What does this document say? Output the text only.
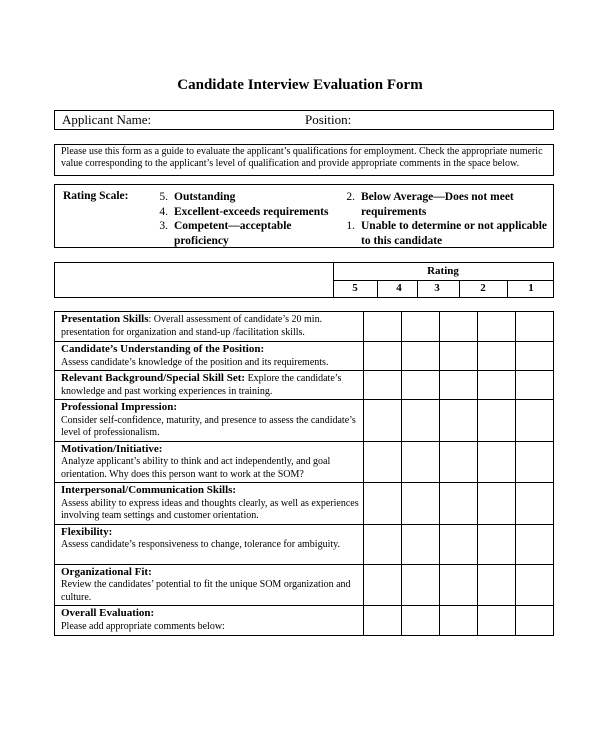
Candidate Interview Evaluation Form
Applicant Name:	Position:
Please use this form as a guide to evaluate the applicant’s qualifications for employment. Check the appropriate numeric value corresponding to the applicant’s level of qualification and provide appropriate comments in the space below.
Rating Scale:	5. Outstanding
4. Excellent-exceeds requirements
3. Competent—acceptable proficiency
2. Below Average—Does not meet requirements
1. Unable to determine or not applicable to this candidate
Rating
5	4	3	2	1
Presentation Skills: Overall assessment of candidate’s 20 min. presentation for organization and stand-up /facilitation skills.					
Candidate’s Understanding of the Position:
Assess candidate’s knowledge of the position and its requirements.					
Relevant Background/Special Skill Set: Explore the candidate’s knowledge and past working experiences in training.					
Professional Impression:
Consider self-confidence, maturity, and presence to assess the candidate’s level of professionalism.					
Motivation/Initiative:
Analyze applicant’s ability to think and act independently, and goal orientation. Why does this person want to work at the SOM?					
Interpersonal/Communication Skills:
Assess ability to express ideas and thoughts clearly, as well as experiences involving team settings and customer orientation.					
Flexibility:
Assess candidate’s responsiveness to change, tolerance for ambiguity.					
Organizational Fit:
Review the candidates’ potential to fit the unique SOM organization and culture.					
Overall Evaluation:
Please add appropriate comments below:					
